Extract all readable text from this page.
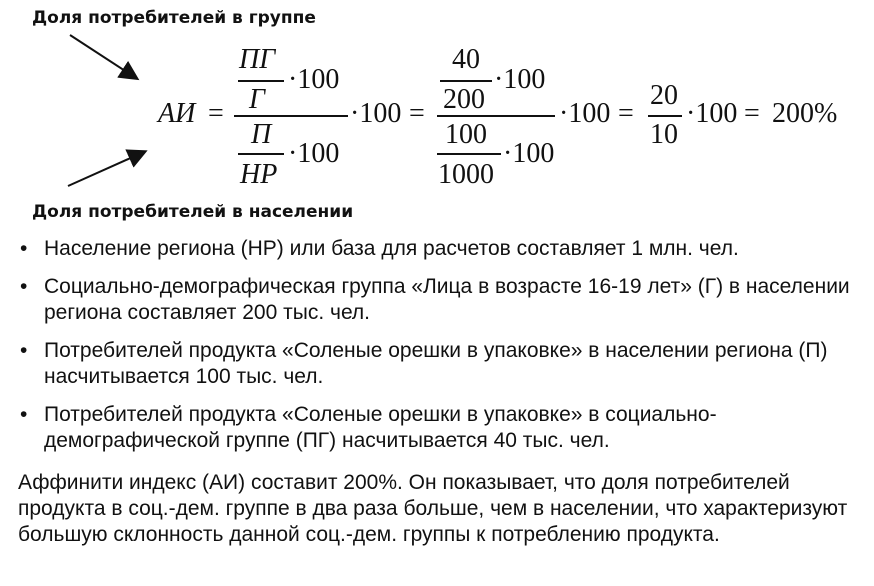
Доля потребителей в группе
Доля потребителей в населении
АИ =
ПГ
Г
·100
П
НР
·100
·100 =
40
200
·100
100
1000
·100
·100 =
20
10
·100 = 200%
• Население региона (НР) или база для расчетов составляет 1 млн. чел.
• Социально-демографическая группа «Лица в возрасте 16-19 лет» (Г) в населении региона составляет 200 тыс. чел.
• Потребителей продукта «Соленые орешки в упаковке» в населении региона (П) насчитывается 100 тыс. чел.
• Потребителей продукта «Соленые орешки в упаковке» в социально-демографической группе (ПГ) насчитывается 40 тыс. чел.

Аффинити индекс (АИ) составит 200%. Он показывает, что доля потребителей продукта в соц.-дем. группе в два раза больше, чем в населении, что характеризуют большую склонность данной соц.-дем. группы к потреблению продукта.
